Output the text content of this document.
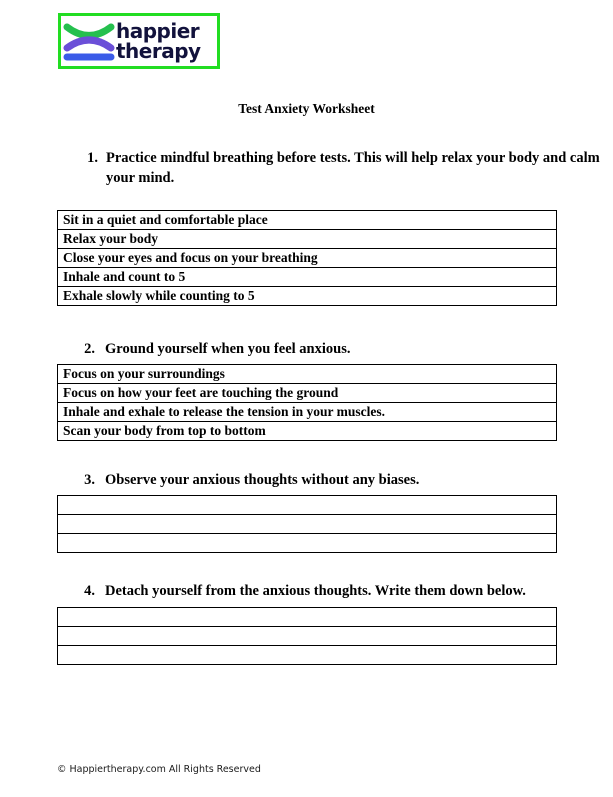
happier
therapy
Test Anxiety Worksheet
1. Practice mindful breathing before tests. This will help relax your body and calm your mind.
Sit in a quiet and comfortable place
Relax your body
Close your eyes and focus on your breathing
Inhale and count to 5
Exhale slowly while counting to 5
2. Ground yourself when you feel anxious.
Focus on your surroundings
Focus on how your feet are touching the ground
Inhale and exhale to release the tension in your muscles.
Scan your body from top to bottom
3. Observe your anxious thoughts without any biases.

4. Detach yourself from the anxious thoughts. Write them down below.

© Happiertherapy.com All Rights Reserved
